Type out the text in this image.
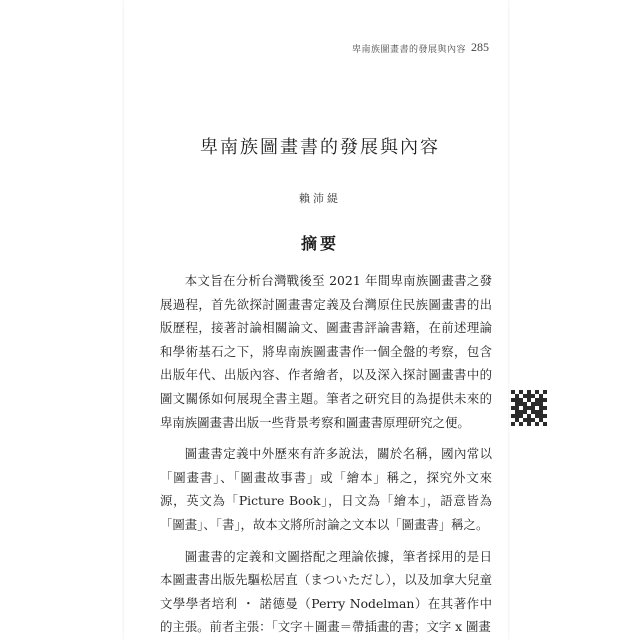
卑南族圖畫書的發展與內容 285
卑南族圖畫書的發展與內容
賴沛緹
摘要

本文旨在分析台灣戰後至 2021 年間卑南族圖畫書之發展過程，首先欲探討圖畫書定義及台灣原住民族圖畫書的出版歷程，接著討論相關論文、圖畫書評論書籍，在前述理論和學術基石之下，將卑南族圖畫書作一個全盤的考察，包含出版年代、出版內容、作者繪者，以及深入探討圖畫書中的圖文關係如何展現全書主題。筆者之研究目的為提供未來的卑南族圖畫書出版一些背景考察和圖畫書原理研究之便。

圖畫書定義中外歷來有許多說法，關於名稱，國內常以「圖畫書」、「圖畫故事書」或「繪本」稱之，探究外文來源，英文為「Picture Book」，日文為「繪本」，語意皆為「圖畫」、「書」，故本文將所討論之文本以「圖畫書」稱之。

圖畫書的定義和文圖搭配之理論依據，筆者採用的是日本圖畫書出版先驅松居直（まついただし），以及加拿大兒童文學學者培利 ・ 諾德曼（Perry Nodelman）在其著作中的主張。前者主張：「文字＋圖畫＝帶插畫的書；文字 x 圖畫
